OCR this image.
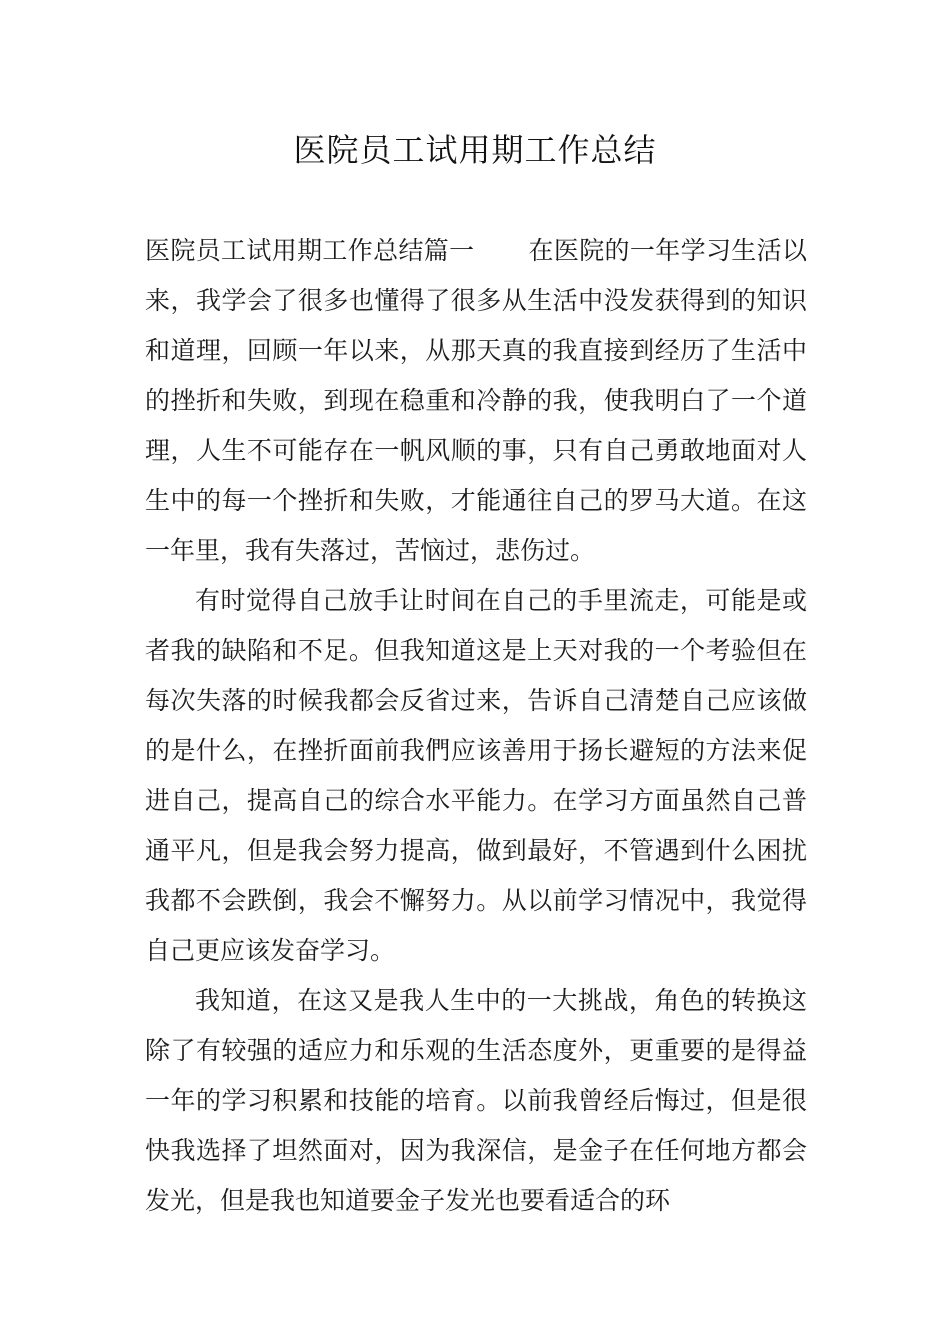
医院员工试用期工作总结

医院员工试用期工作总结篇一 在医院的一年学习生活以来，我学会了很多也懂得了很多从生活中没发获得到的知识和道理，回顾一年以来，从那天真的我直接到经历了生活中的挫折和失败，到现在稳重和冷静的我，使我明白了一个道理，人生不可能存在一帆风顺的事，只有自己勇敢地面对人生中的每一个挫折和失败，才能通往自己的罗马大道。在这一年里，我有失落过，苦恼过，悲伤过。

有时觉得自己放手让时间在自己的手里流走，可能是或者我的缺陷和不足。但我知道这是上天对我的一个考验但在每次失落的时候我都会反省过来，告诉自己清楚自己应该做的是什么，在挫折面前我們应该善用于扬长避短的方法来促进自己，提高自己的综合水平能力。在学习方面虽然自己普通平凡，但是我会努力提高，做到最好，不管遇到什么困扰我都不会跌倒，我会不懈努力。从以前学习情况中，我觉得自己更应该发奋学习。

我知道，在这又是我人生中的一大挑战，角色的转换这除了有较强的适应力和乐观的生活态度外，更重要的是得益一年的学习积累和技能的培育。以前我曾经后悔过，但是很快我选择了坦然面对，因为我深信，是金子在任何地方都会发光，但是我也知道要金子发光也要看适合的环
